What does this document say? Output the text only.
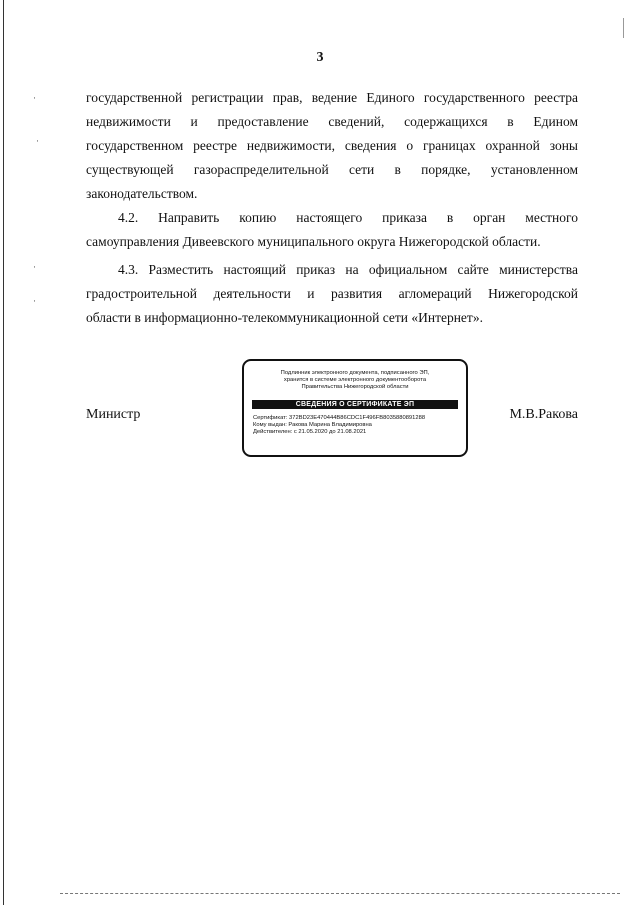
3
государственной регистрации прав, ведение Единого государственного реестра
недвижимости и предоставление сведений, содержащихся в Едином
государственном реестре недвижимости, сведения о границах охранной зоны
существующей газораспределительной сети в порядке, установленном
законодательством.
4.2. Направить копию настоящего приказа в орган местного
самоуправления Дивеевского муниципального округа Нижегородской области.
4.3. Разместить настоящий приказ на официальном сайте министерства
градостроительной деятельности и развития агломераций Нижегородской
области в информационно-телекоммуникационной сети «Интернет».
Министр
Подлинник электронного документа, подписанного ЭП,
хранится в системе электронного документооборота
Правительства Нижегородской области
СВЕДЕНИЯ О СЕРТИФИКАТЕ ЭП
Сертификат: 372BD23E470444B86CDC1F496FB8035880891288
Кому выдан: Ракова Марина Владимировна
Действителен: с 21.05.2020 до 21.08.2021
М.В.Ракова
·
·
·
·
